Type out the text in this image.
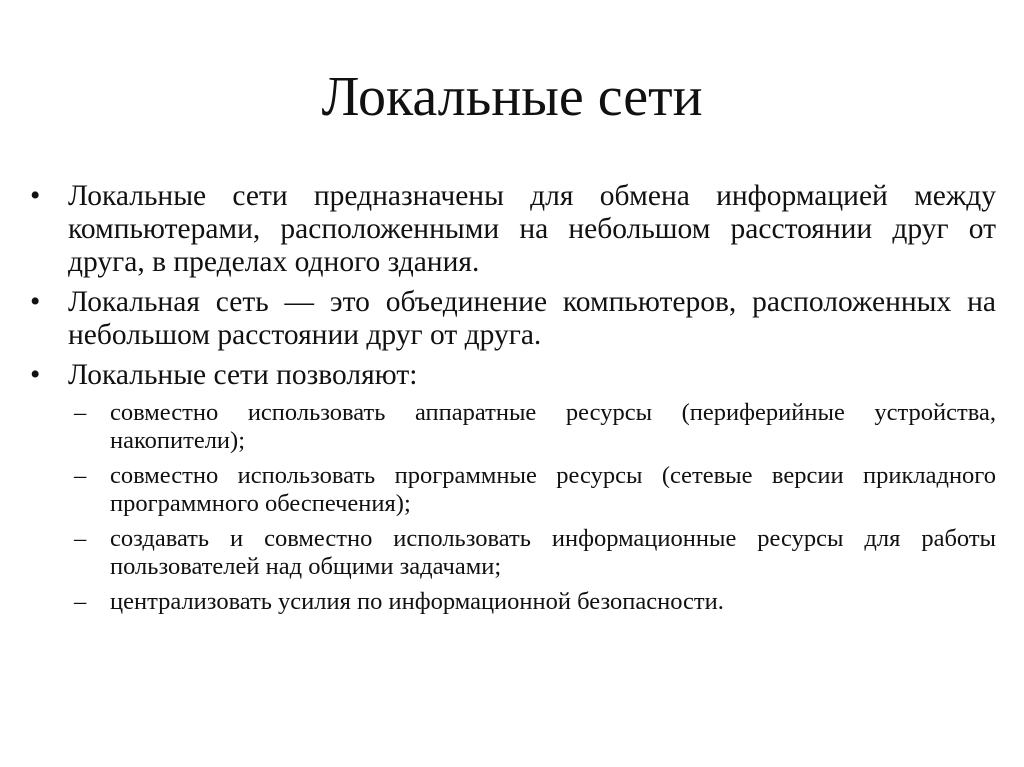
Локальные сети
• Локальные сети предназначены для обмена информацией между компьютерами, расположенными на небольшом расстоянии друг от друга, в пределах одного здания.
• Локальная сеть — это объединение компьютеров, расположенных на небольшом расстоянии друг от друга.
• Локальные сети позволяют:
– совместно использовать аппаратные ресурсы (периферийные устройства, накопители);
– совместно использовать программные ресурсы (сетевые версии прикладного программного обеспечения);
– создавать и совместно использовать информационные ресурсы для работы пользователей над общими задачами;
– централизовать усилия по информационной безопасности.
